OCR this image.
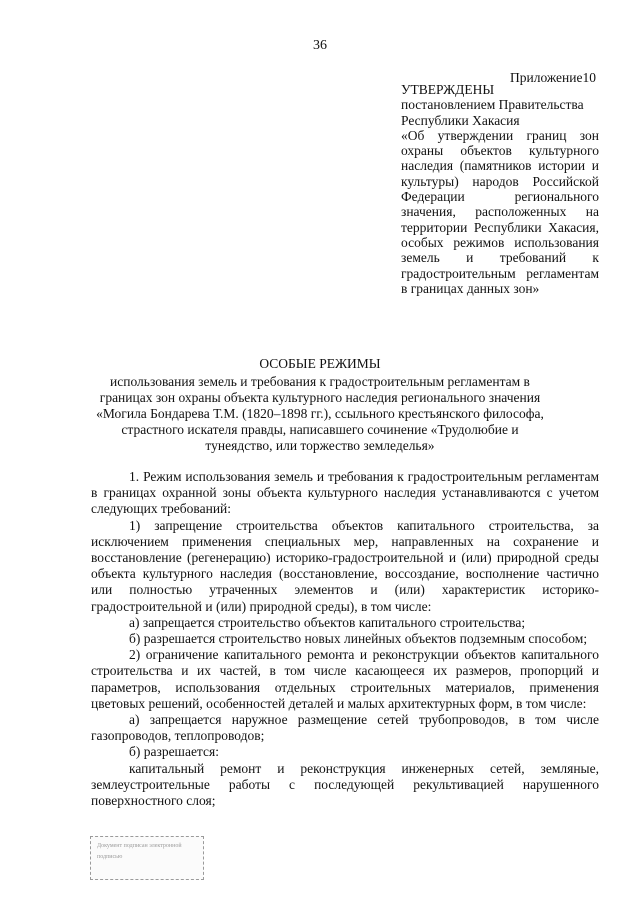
36
Приложение10

УТВЕРЖДЕНЫ

постановлением Правительства Республики Хакасия

«Об утверждении границ зон охраны объектов культурного наследия (памятников истории и культуры) народов Российской Федерации регионального значения, расположенных на территории Республики Хакасия, особых режимов использования земель и требований к градостроительным регламентам в границах данных зон»

ОСОБЫЕ РЕЖИМЫ

использования земель и требования к градостроительным регламентам в границах зон охраны объекта культурного наследия регионального значения «Могила Бондарева Т.М. (1820–1898 гг.), ссыльного крестьянского философа, страстного искателя правды, написавшего сочинение «Трудолюбие и тунеядство, или торжество земледелья»

1. Режим использования земель и требования к градостроительным регламентам в границах охранной зоны объекта культурного наследия устанавливаются с учетом следующих требований:

1) запрещение строительства объектов капитального строительства, за исключением применения специальных мер, направленных на сохранение и восстановление (регенерацию) историко-градостроительной и (или) природной среды объекта культурного наследия (восстановление, воссоздание, восполнение частично или полностью утраченных элементов и (или) характеристик историко-градостроительной и (или) природной среды), в том числе:

а) запрещается строительство объектов капитального строительства;

б) разрешается строительство новых линейных объектов подземным способом;

2) ограничение капитального ремонта и реконструкции объектов капитального строительства и их частей, в том числе касающееся их размеров, пропорций и параметров, использования отдельных строительных материалов, применения цветовых решений, особенностей деталей и малых архитектурных форм, в том числе:

а) запрещается наружное размещение сетей трубопроводов, в том числе газопроводов, теплопроводов;

б) разрешается:

капитальный ремонт и реконструкция инженерных сетей, земляные, землеустроительные работы с последующей рекультивацией нарушенного поверхностного слоя;

Документ подписан электронной подписью
